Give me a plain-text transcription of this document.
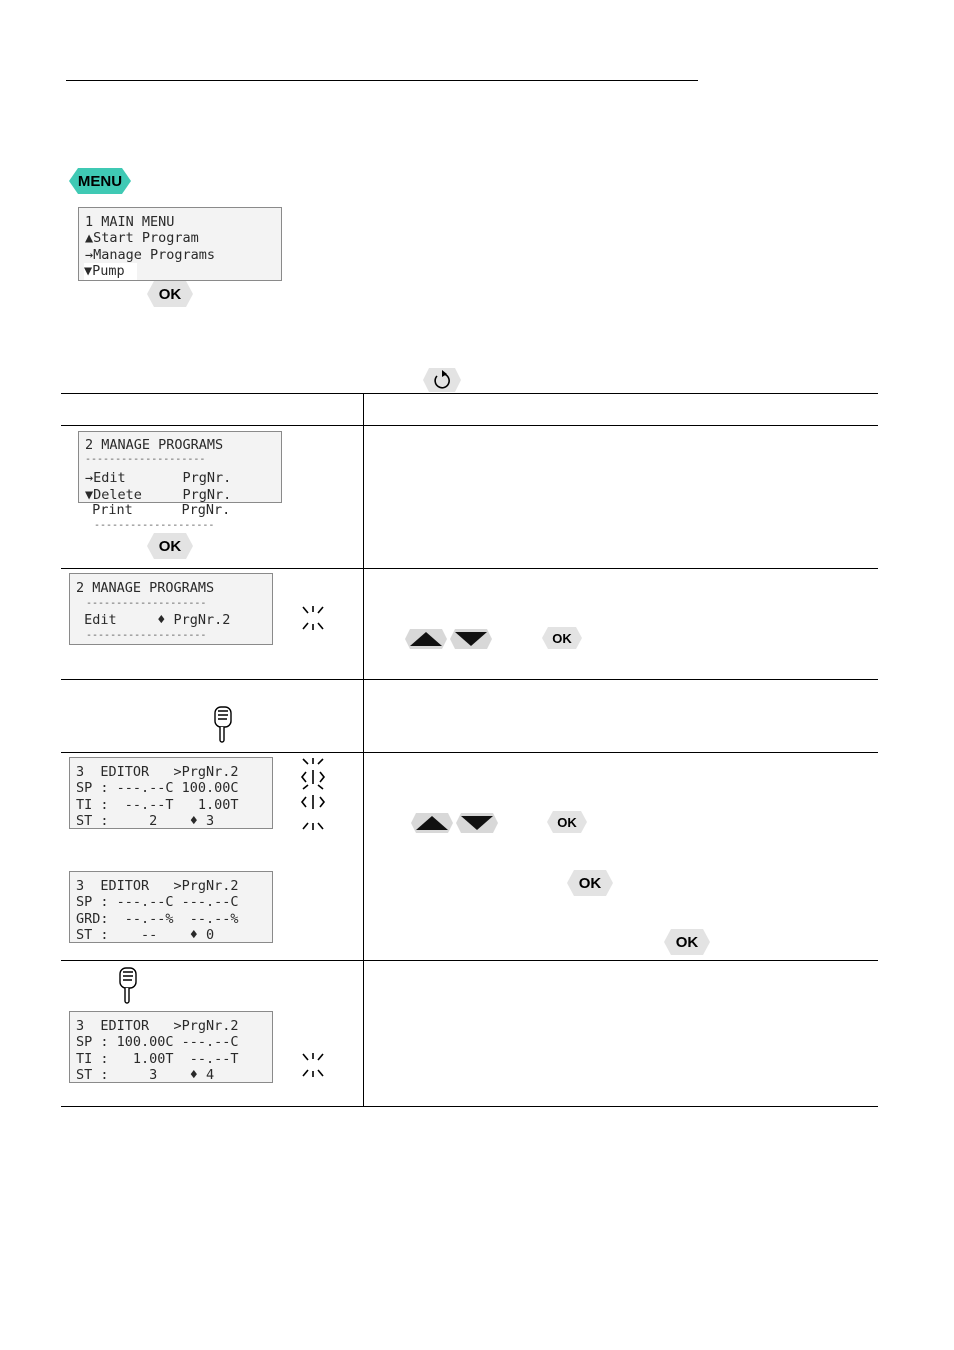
MENU

1 MAIN MENU

▲Start Program

→Manage Programs

▼Pump
OK

2 MANAGE PROGRAMS

--------------------

→Edit       PrgNr.

▼Delete     PrgNr.

Print      PrgNr.
--------------------
OK

2 MANAGE PROGRAMS

--------------------

Edit     ♦ PrgNr.2

--------------------	OK

3  EDITOR   >PrgNr.2

SP : ---.--C 100.00C

TI :  --.--T   1.00T

ST :     2    ♦ 3	OK

3  EDITOR   >PrgNr.2

SP : ---.--C ---.--C

GRD:  --.--%  --.--%

ST :    --    ♦ 0

OK
OK

3  EDITOR   >PrgNr.2

SP : 100.00C ---.--C

TI :   1.00T  --.--T

ST :     3    ♦ 4
